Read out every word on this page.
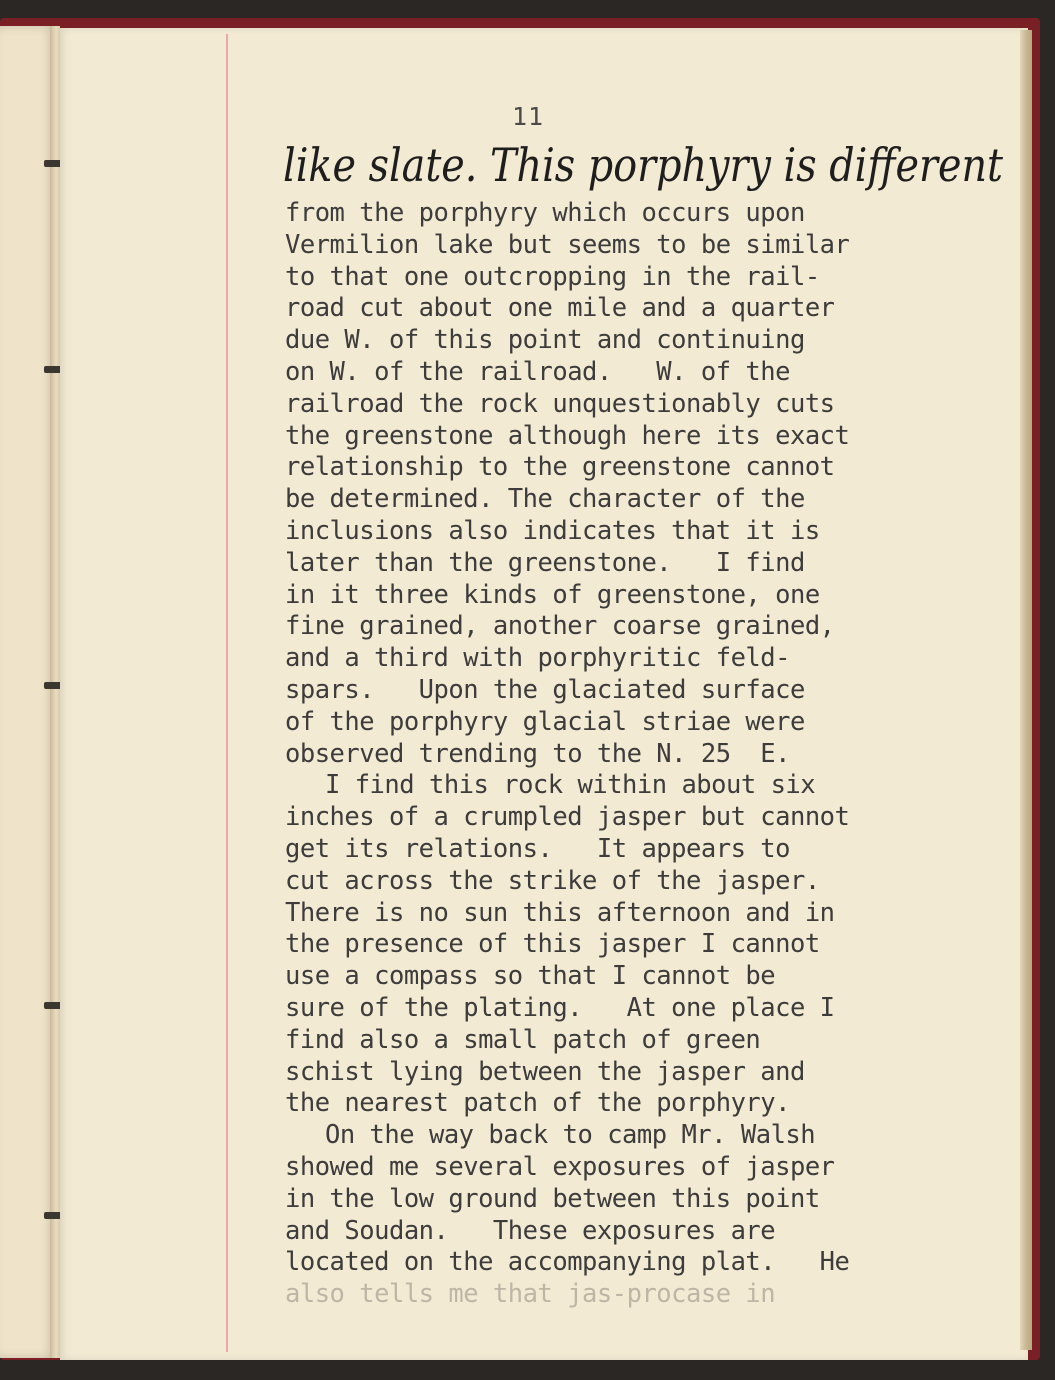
11
like slate. This porphyry is different
from the porphyry which occurs upon
Vermilion lake but seems to be similar
to that one outcropping in the rail-
road cut about one mile and a quarter
due W. of this point and continuing
on W. of the railroad.   W. of the
railroad the rock unquestionably cuts
the greenstone although here its exact
relationship to the greenstone cannot
be determined. The character of the
inclusions also indicates that it is
later than the greenstone.   I find
in it three kinds of greenstone, one
fine grained, another coarse grained,
and a third with porphyritic feld-
spars.   Upon the glaciated surface
of the porphyry glacial striae were
observed trending to the N. 25  E.
I find this rock within about six
inches of a crumpled jasper but cannot
get its relations.   It appears to
cut across the strike of the jasper.
There is no sun this afternoon and in
the presence of this jasper I cannot
use a compass so that I cannot be
sure of the plating.   At one place I
find also a small patch of green
schist lying between the jasper and
the nearest patch of the porphyry.
On the way back to camp Mr. Walsh
showed me several exposures of jasper
in the low ground between this point
and Soudan.   These exposures are
located on the accompanying plat.   He
also tells me that jas-procase in
